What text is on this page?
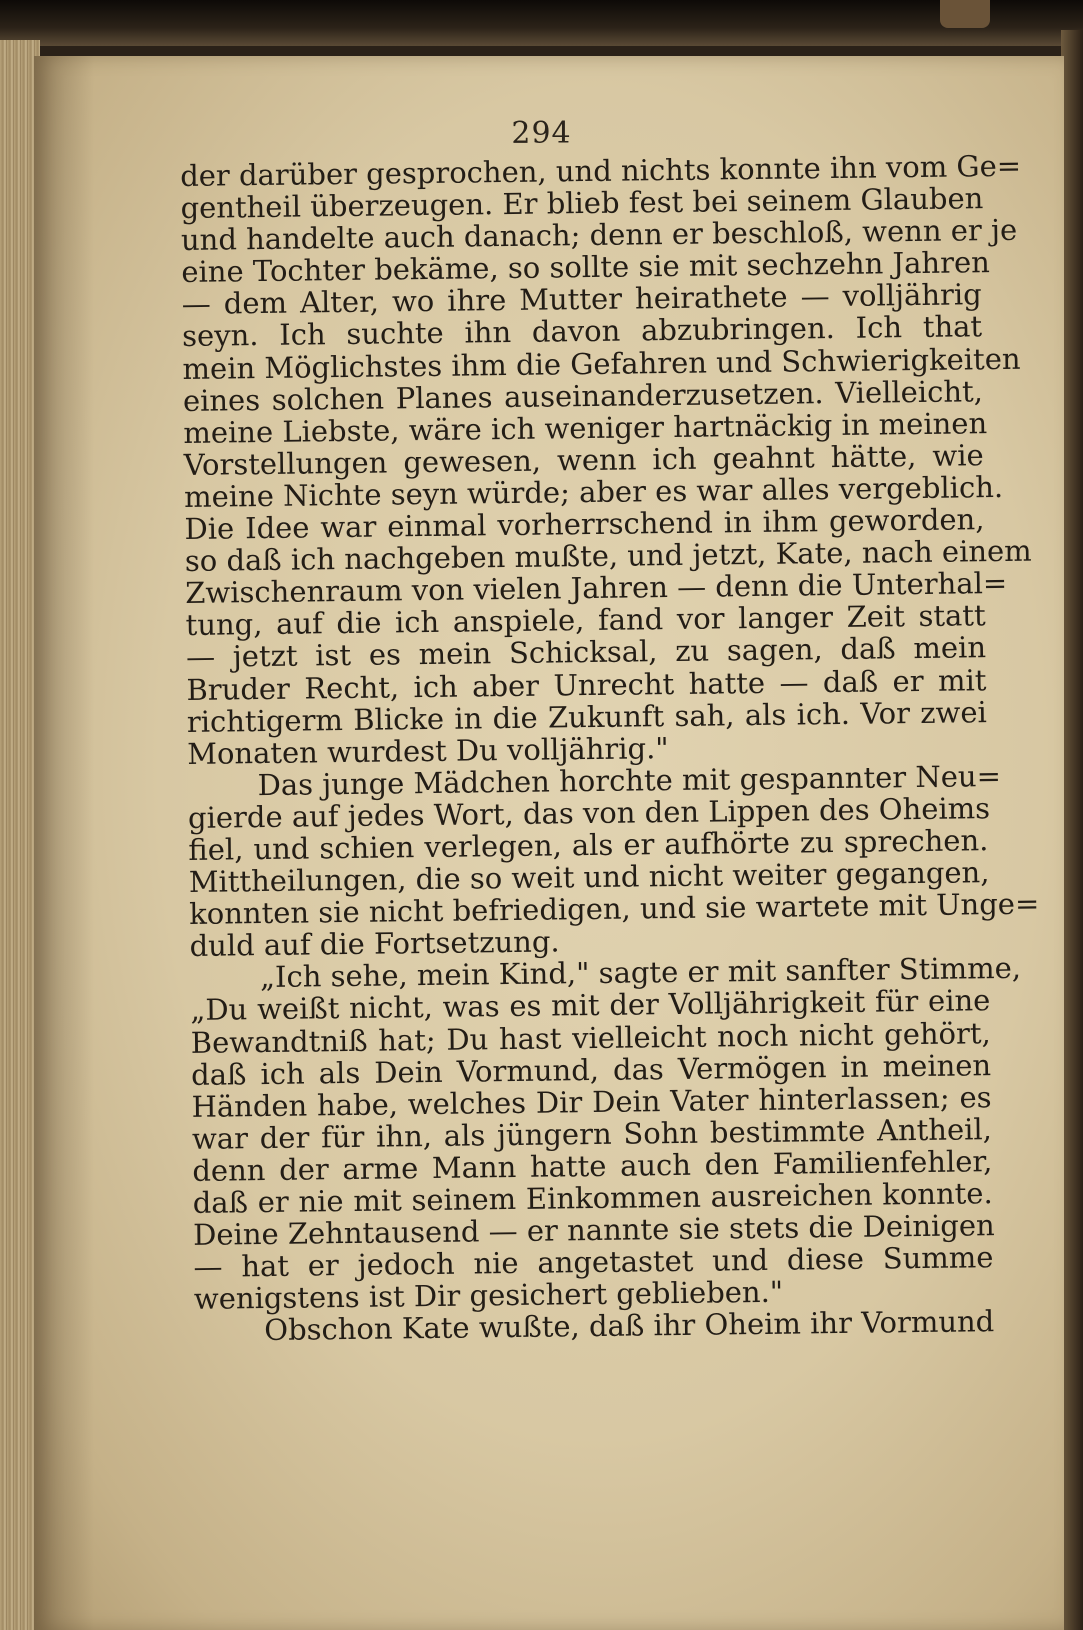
294
der darüber gesprochen, und nichts konnte ihn vom Ge=
gentheil überzeugen. Er blieb fest bei seinem Glauben
und handelte auch danach; denn er beschloß, wenn er je
eine Tochter bekäme, so sollte sie mit sechzehn Jahren
— dem Alter, wo ihre Mutter heirathete — volljährig
seyn. Ich suchte ihn davon abzubringen. Ich that
mein Möglichstes ihm die Gefahren und Schwierigkeiten
eines solchen Planes auseinanderzusetzen. Vielleicht,
meine Liebste, wäre ich weniger hartnäckig in meinen
Vorstellungen gewesen, wenn ich geahnt hätte, wie
meine Nichte seyn würde; aber es war alles vergeblich.
Die Idee war einmal vorherrschend in ihm geworden,
so daß ich nachgeben mußte, und jetzt, Kate, nach einem
Zwischenraum von vielen Jahren — denn die Unterhal=
tung, auf die ich anspiele, fand vor langer Zeit statt
— jetzt ist es mein Schicksal, zu sagen, daß mein
Bruder Recht, ich aber Unrecht hatte — daß er mit
richtigerm Blicke in die Zukunft sah, als ich. Vor zwei
Monaten wurdest Du volljährig."
Das junge Mädchen horchte mit gespannter Neu=
gierde auf jedes Wort, das von den Lippen des Oheims
fiel, und schien verlegen, als er aufhörte zu sprechen.
Mittheilungen, die so weit und nicht weiter gegangen,
konnten sie nicht befriedigen, und sie wartete mit Unge=
duld auf die Fortsetzung.
„Ich sehe, mein Kind," sagte er mit sanfter Stimme,
„Du weißt nicht, was es mit der Volljährigkeit für eine
Bewandtniß hat; Du hast vielleicht noch nicht gehört,
daß ich als Dein Vormund, das Vermögen in meinen
Händen habe, welches Dir Dein Vater hinterlassen; es
war der für ihn, als jüngern Sohn bestimmte Antheil,
denn der arme Mann hatte auch den Familienfehler,
daß er nie mit seinem Einkommen ausreichen konnte.
Deine Zehntausend — er nannte sie stets die Deinigen
— hat er jedoch nie angetastet und diese Summe
wenigstens ist Dir gesichert geblieben."
Obschon Kate wußte, daß ihr Oheim ihr Vormund
